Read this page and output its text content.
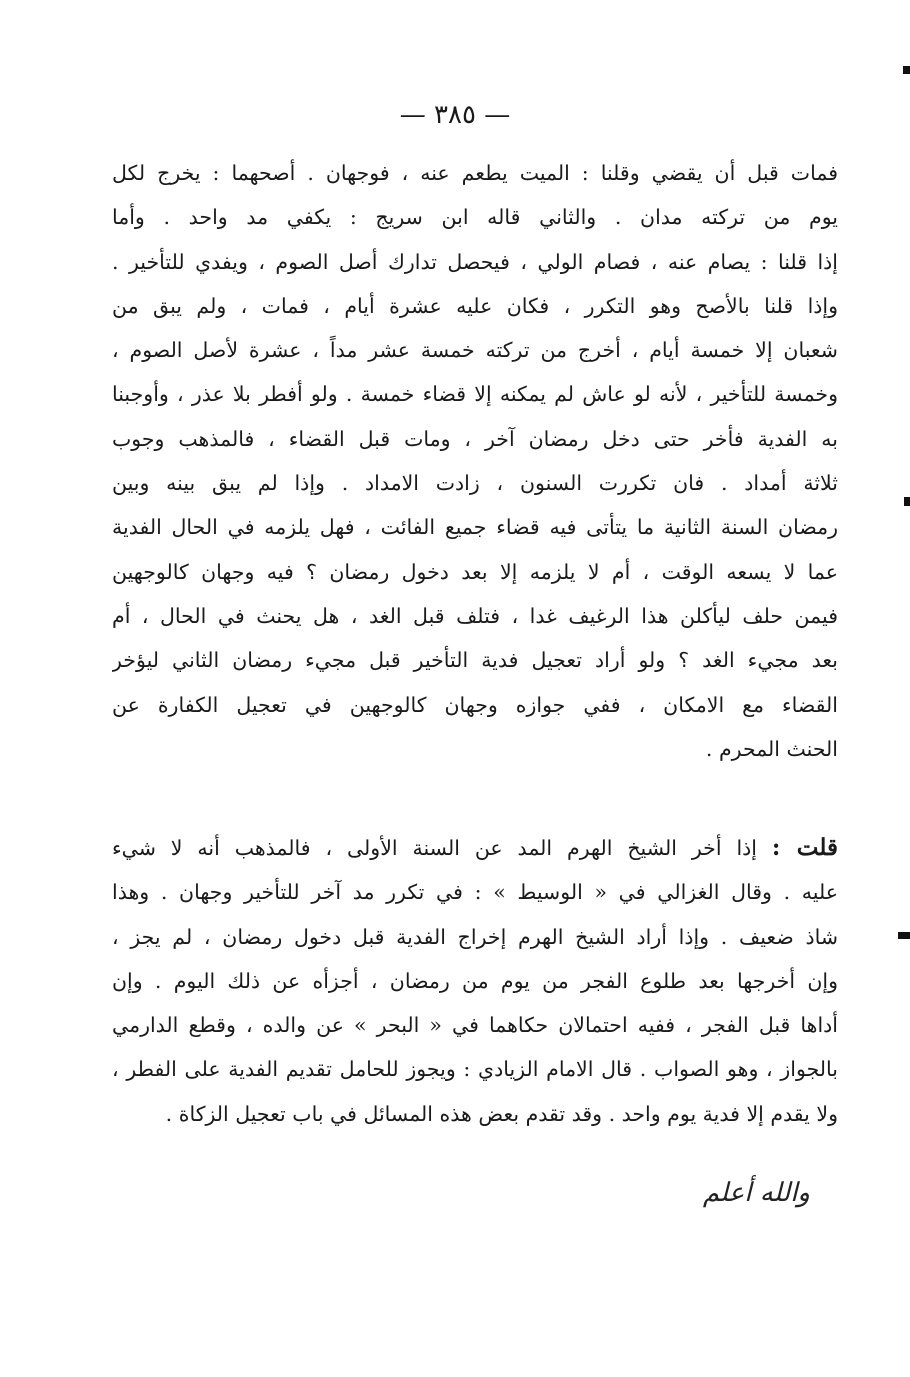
— ٣٨٥ —
فمات قبل أن يقضي وقلنا : الميت يطعم عنه ، فوجهان . أصحهما : يخرج لكل
يوم من تركته مدان . والثاني قاله ابن سريج : يكفي مد واحد . وأما
إذا قلنا : يصام عنه ، فصام الولي ، فيحصل تدارك أصل الصوم ، ويفدي للتأخير .
وإذا قلنا بالأصح وهو التكرر ، فكان عليه عشرة أيام ، فمات ، ولم يبق من
شعبان إلا خمسة أيام ، أخرج من تركته خمسة عشر مداً ، عشرة لأصل الصوم ،
وخمسة للتأخير ، لأنه لو عاش لم يمكنه إلا قضاء خمسة . ولو أفطر بلا عذر ، وأوجبنا
به الفدية فأخر حتى دخل رمضان آخر ، ومات قبل القضاء ، فالمذهب وجوب
ثلاثة أمداد . فان تكررت السنون ، زادت الامداد . وإذا لم يبق بينه وبين
رمضان السنة الثانية ما يتأتى فيه قضاء جميع الفائت ، فهل يلزمه في الحال الفدية
عما لا يسعه الوقت ، أم لا يلزمه إلا بعد دخول رمضان ؟ فيه وجهان كالوجهين
فيمن حلف ليأكلن هذا الرغيف غدا ، فتلف قبل الغد ، هل يحنث في الحال ، أم
بعد مجيء الغد ؟ ولو أراد تعجيل فدية التأخير قبل مجيء رمضان الثاني ليؤخر
القضاء مع الامكان ، ففي جوازه وجهان كالوجهين في تعجيل الكفارة عن
الحنث المحرم .
قلت : إذا أخر الشيخ الهرم المد عن السنة الأولى ، فالمذهب أنه لا شيء
عليه . وقال الغزالي في « الوسيط » : في تكرر مد آخر للتأخير وجهان . وهذا
شاذ ضعيف . وإذا أراد الشيخ الهرم إخراج الفدية قبل دخول رمضان ، لم يجز ،
وإن أخرجها بعد طلوع الفجر من يوم من رمضان ، أجزأه عن ذلك اليوم . وإن
أداها قبل الفجر ، ففيه احتمالان حكاهما في « البحر » عن والده ، وقطع الدارمي
بالجواز ، وهو الصواب . قال الامام الزيادي : ويجوز للحامل تقديم الفدية على الفطر ،
ولا يقدم إلا فدية يوم واحد . وقد تقدم بعض هذه المسائل في باب تعجيل الزكاة .
والله أعلم
